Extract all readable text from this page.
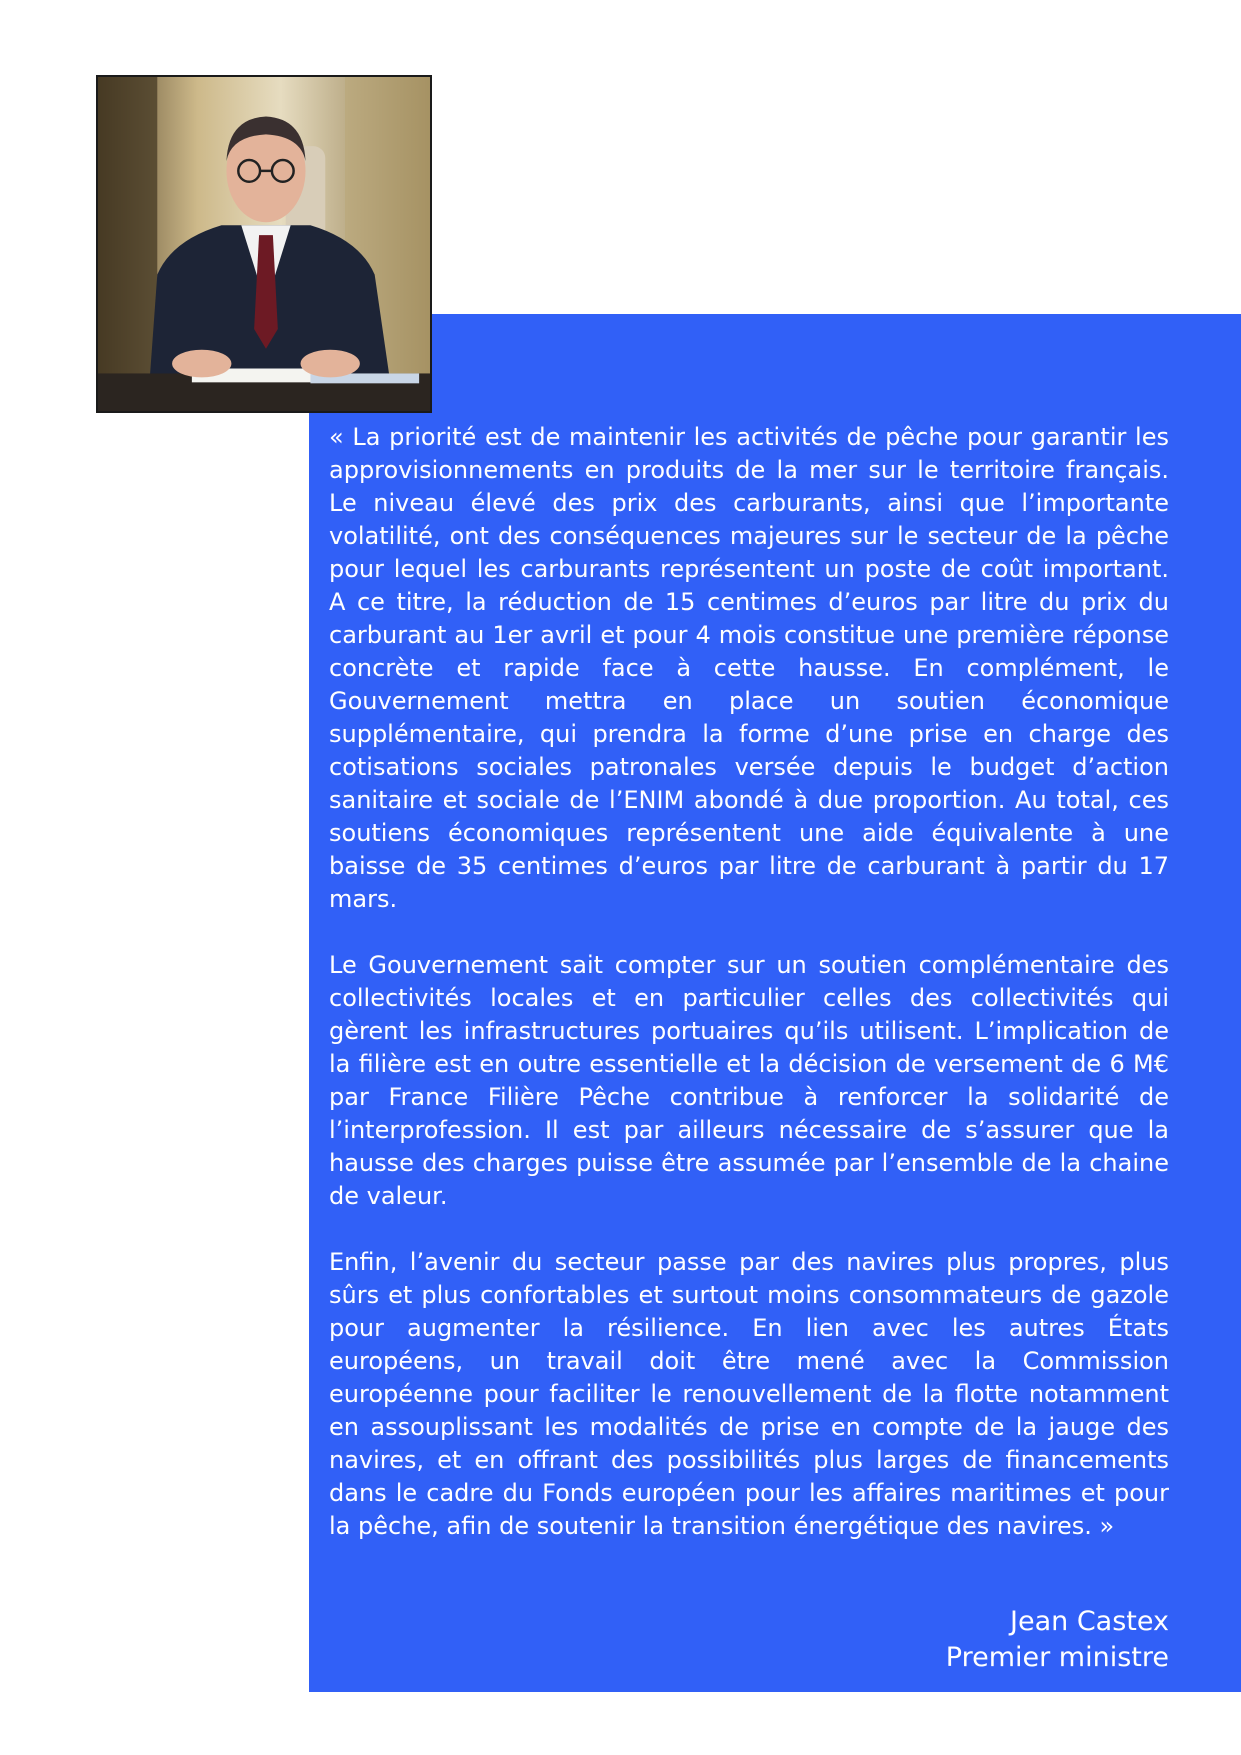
« La priorité est de maintenir les activités de pêche pour garantir les approvisionnements en produits de la mer sur le territoire français. Le niveau élevé des prix des carburants, ainsi que l’importante volatilité, ont des conséquences majeures sur le secteur de la pêche pour lequel les carburants représentent un poste de coût important. A ce titre, la réduction de 15 centimes d’euros par litre du prix du carburant au 1er avril et pour 4 mois constitue une première réponse concrète et rapide face à cette hausse. En complément, le Gouvernement mettra en place un soutien économique supplémentaire, qui prendra la forme d’une prise en charge des cotisations sociales patronales versée depuis le budget d’action sanitaire et sociale de l’ENIM abondé à due proportion. Au total, ces soutiens économiques représentent une aide équivalente à une baisse de 35 centimes d’euros par litre de carburant à partir du 17 mars.

Le Gouvernement sait compter sur un soutien complémentaire des collectivités locales et en particulier celles des collectivités qui gèrent les infrastructures portuaires qu’ils utilisent. L’implication de la filière est en outre essentielle et la décision de versement de 6 M€ par France Filière Pêche contribue à renforcer la solidarité de l’interprofession. Il est par ailleurs nécessaire de s’assurer que la hausse des charges puisse être assumée par l’ensemble de la chaine de valeur.

Enfin, l’avenir du secteur passe par des navires plus propres, plus sûrs et plus confortables et surtout moins consommateurs de gazole pour augmenter la résilience. En lien avec les autres États européens, un travail doit être mené avec la Commission européenne pour faciliter le renouvellement de la flotte notamment en assouplissant les modalités de prise en compte de la jauge des navires, et en offrant des possibilités plus larges de financements dans le cadre du Fonds européen pour les affaires maritimes et pour la pêche, afin de soutenir la transition énergétique des navires. »

Jean Castex
Premier ministre
